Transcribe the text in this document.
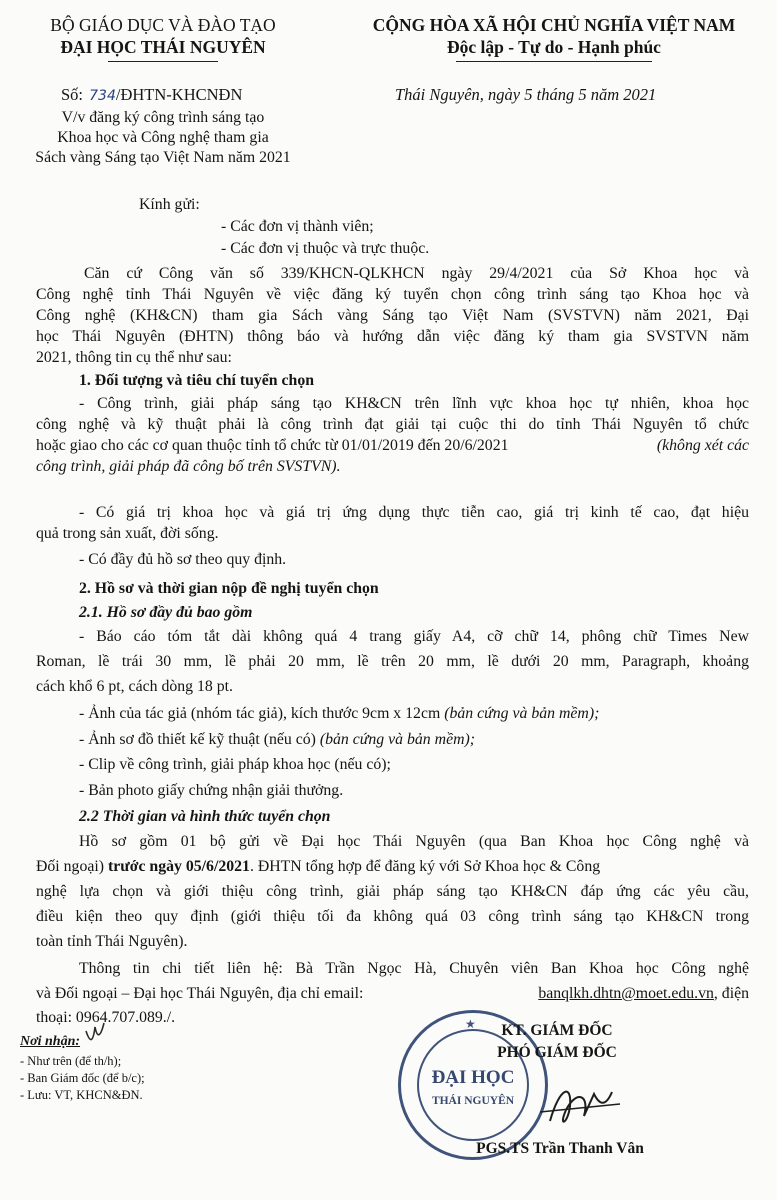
BỘ GIÁO DỤC VÀ ĐÀO TẠO
ĐẠI HỌC THÁI NGUYÊN
CỘNG HÒA XÃ HỘI CHỦ NGHĨA VIỆT NAM
Độc lập - Tự do - Hạnh phúc
Số: 734/ĐHTN-KHCNĐN	Thái Nguyên, ngày 5 tháng 5 năm 2021
V/v đăng ký công trình sáng tạo
Khoa học và Công nghệ tham gia
Sách vàng Sáng tạo Việt Nam năm 2021
Kính gửi:
- Các đơn vị thành viên;
- Các đơn vị thuộc và trực thuộc.
Căn cứ Công văn số 339/KHCN-QLKHCN ngày 29/4/2021 của Sở Khoa học và
Công nghệ tỉnh Thái Nguyên về việc đăng ký tuyển chọn công trình sáng tạo Khoa học và
Công nghệ (KH&CN) tham gia Sách vàng Sáng tạo Việt Nam (SVSTVN) năm 2021, Đại
học Thái Nguyên (ĐHTN) thông báo và hướng dẫn việc đăng ký tham gia SVSTVN năm
2021, thông tin cụ thể như sau:
1. Đối tượng và tiêu chí tuyển chọn
- Công trình, giải pháp sáng tạo KH&CN trên lĩnh vực khoa học tự nhiên, khoa học
công nghệ và kỹ thuật phải là công trình đạt giải tại cuộc thi do tỉnh Thái Nguyên tổ chức
hoặc giao cho các cơ quan thuộc tỉnh tổ chức từ 01/01/2019 đến 20/6/2021	(không xét các
công trình, giải pháp đã công bố trên SVSTVN).
- Có giá trị khoa học và giá trị ứng dụng thực tiễn cao, giá trị kinh tế cao, đạt hiệu
quả trong sản xuất, đời sống.
- Có đầy đủ hồ sơ theo quy định.
2. Hồ sơ và thời gian nộp đề nghị tuyển chọn
2.1. Hồ sơ đầy đủ bao gồm
- Báo cáo tóm tắt dài không quá 4 trang giấy A4, cỡ chữ 14, phông chữ Times New
Roman, lề trái 30 mm, lề phải 20 mm, lề trên 20 mm, lề dưới 20 mm, Paragraph, khoảng
cách khổ 6 pt, cách dòng 18 pt.
- Ảnh của tác giả (nhóm tác giả), kích thước 9cm x 12cm (bản cứng và bản mềm);
- Ảnh sơ đồ thiết kế kỹ thuật (nếu có) (bản cứng và bản mềm);
- Clip về công trình, giải pháp khoa học (nếu có);
- Bản photo giấy chứng nhận giải thưởng.
2.2 Thời gian và hình thức tuyển chọn
Hồ sơ gồm 01 bộ gửi về Đại học Thái Nguyên (qua Ban Khoa học Công nghệ và
Đối ngoại) trước ngày 05/6/2021. ĐHTN tổng hợp để đăng ký với Sở Khoa học & Công
nghệ lựa chọn và giới thiệu công trình, giải pháp sáng tạo KH&CN đáp ứng các yêu cầu,
điều kiện theo quy định (giới thiệu tối đa không quá 03 công trình sáng tạo KH&CN trong
toàn tỉnh Thái Nguyên).
Thông tin chi tiết liên hệ: Bà Trần Ngọc Hà, Chuyên viên Ban Khoa học Công nghệ
và Đối ngoại – Đại học Thái Nguyên, địa chỉ email:	banqlkh.dhtn@moet.edu.vn, điện
thoại: 0964.707.089./.
Nơi nhận:
- Như trên (để th/h);
- Ban Giám đốc (để b/c);
- Lưu: VT, KHCN&ĐN.
ĐẠI HỌC
THÁI NGUYÊN
★	KT. GIÁM ĐỐC
PHÓ GIÁM ĐỐC
PGS.TS Trần Thanh Vân
